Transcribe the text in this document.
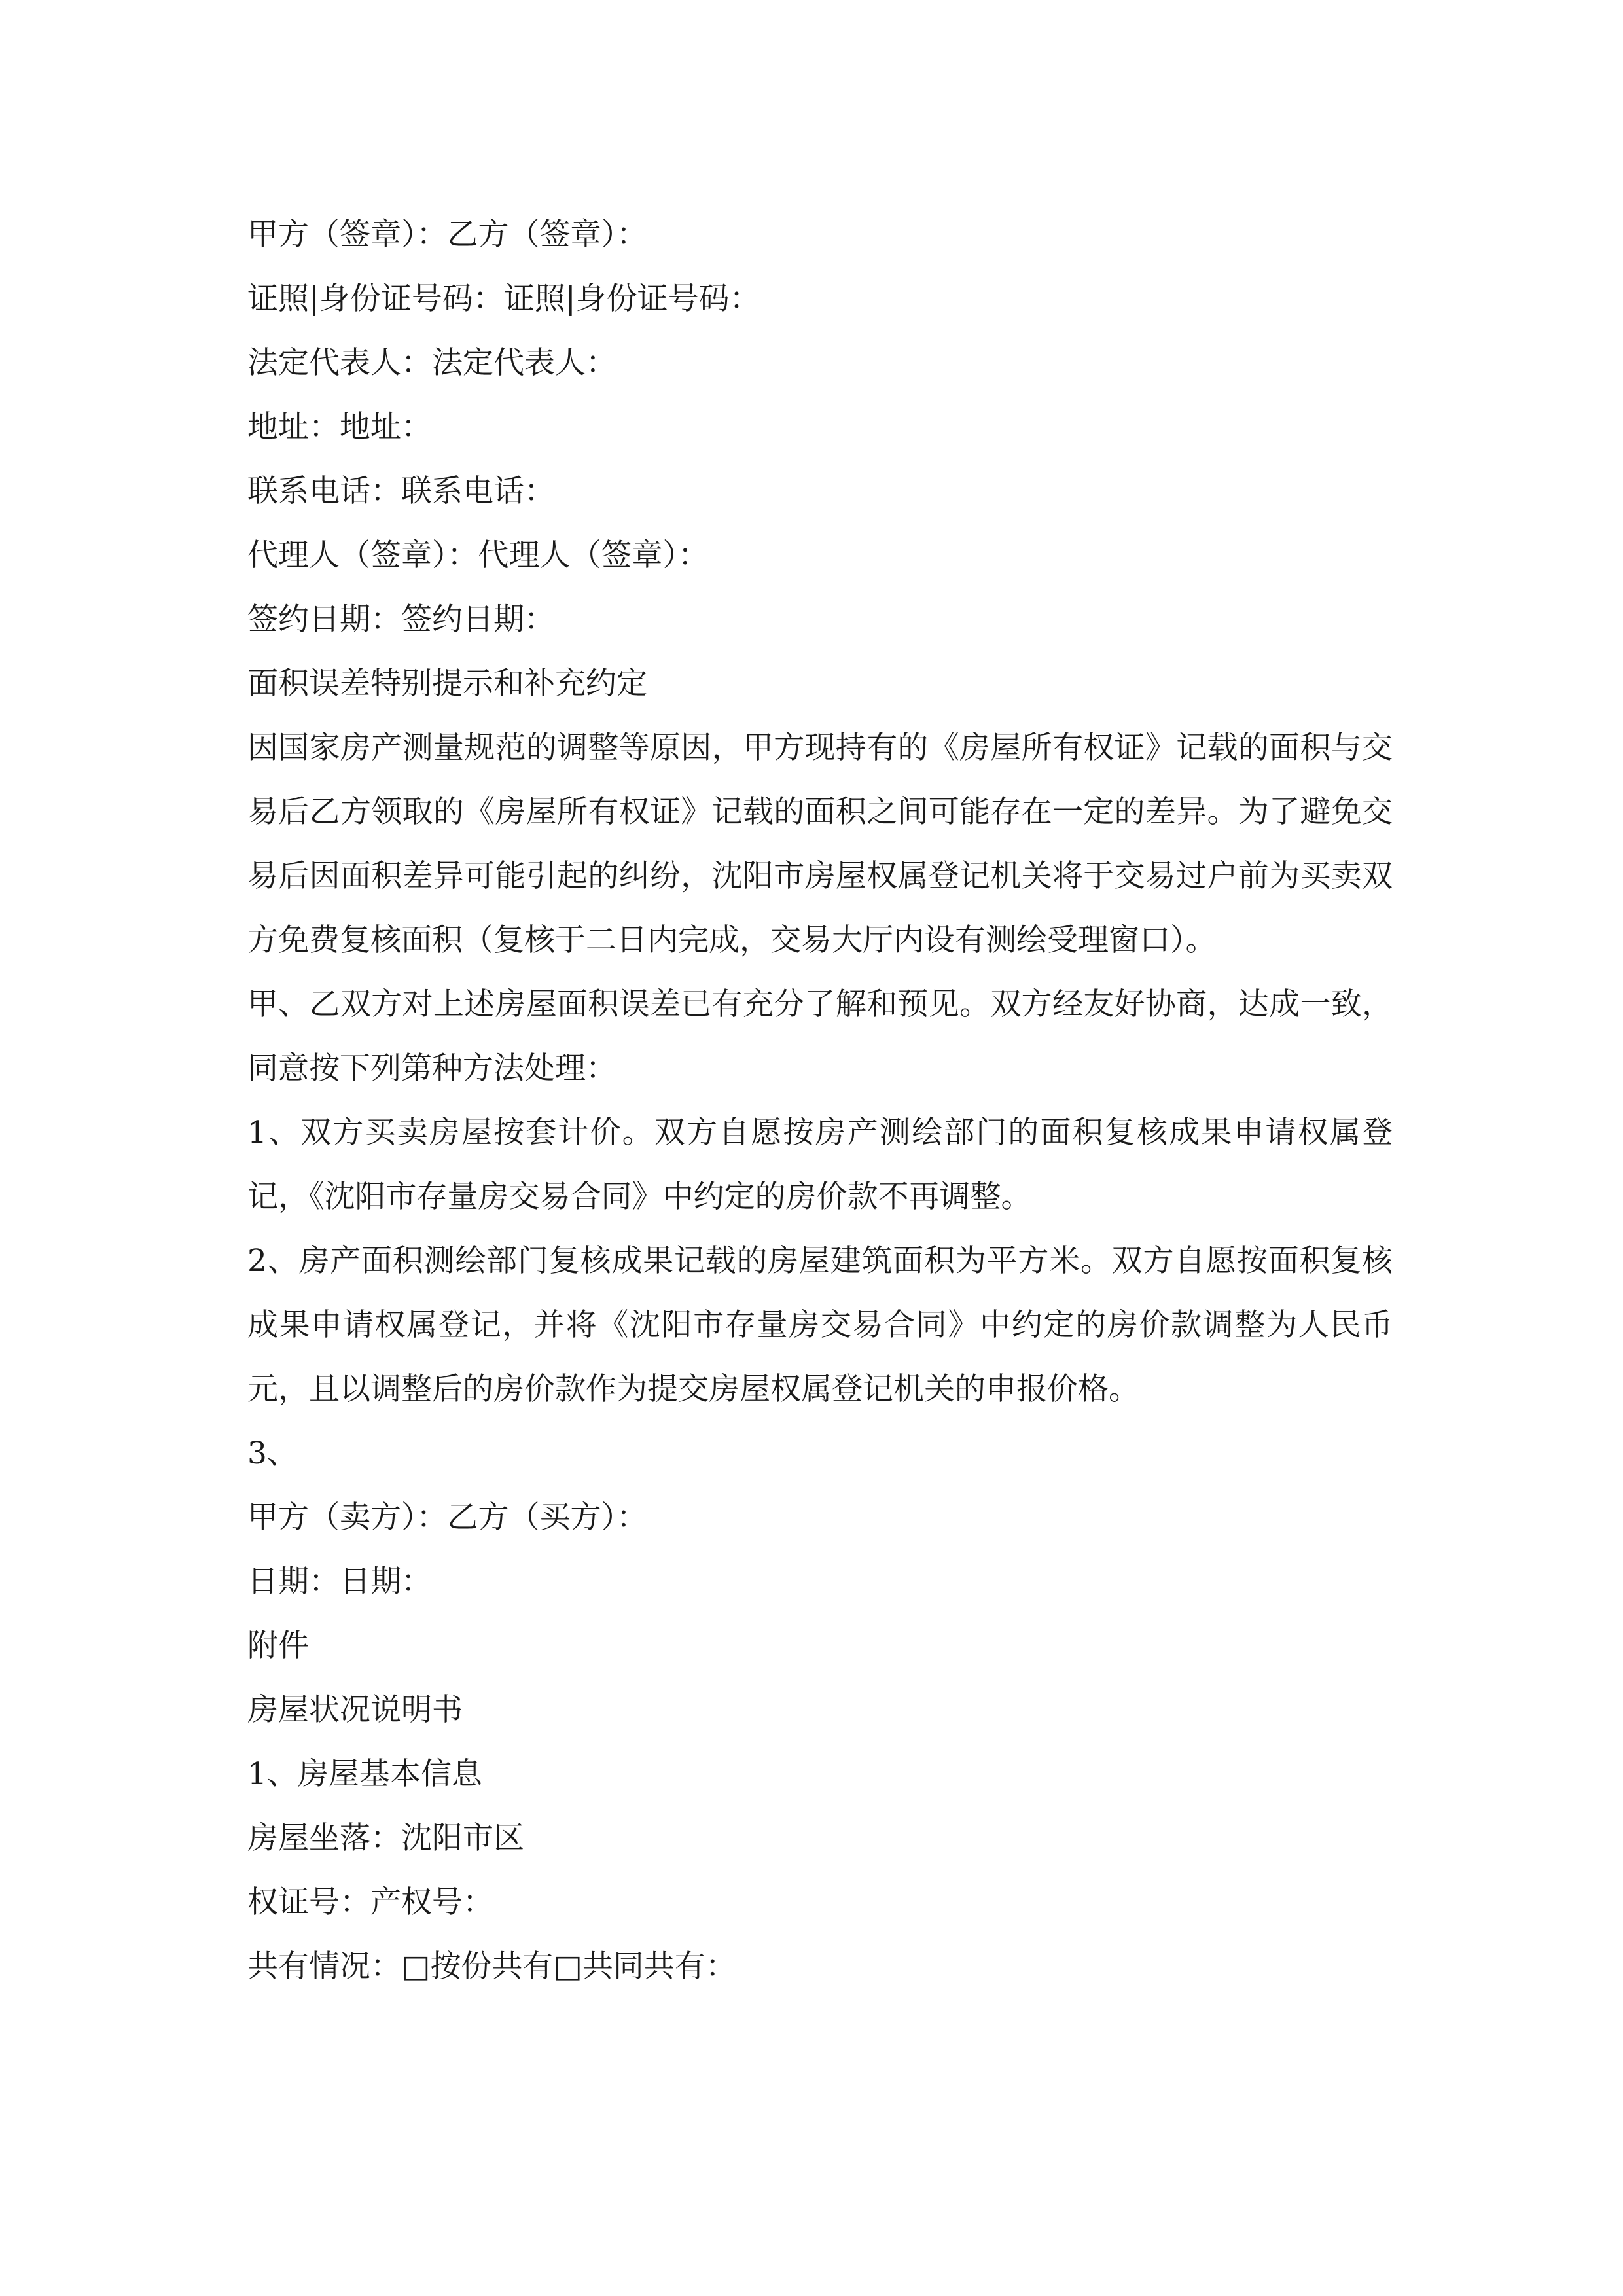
甲方（签章）：乙方（签章）：

证照|身份证号码：证照|身份证号码：

法定代表人：法定代表人：

地址：地址：

联系电话：联系电话：

代理人（签章）：代理人（签章）：

签约日期：签约日期：

面积误差特别提示和补充约定

因国家房产测量规范的调整等原因，甲方现持有的《房屋所有权证》记载的面积与交易后乙方领取的《房屋所有权证》记载的面积之间可能存在一定的差异。为了避免交易后因面积差异可能引起的纠纷，沈阳市房屋权属登记机关将于交易过户前为买卖双方免费复核面积（复核于二日内完成，交易大厅内设有测绘受理窗口）。

甲、乙双方对上述房屋面积误差已有充分了解和预见。双方经友好协商，达成一致，同意按下列第种方法处理：

1、双方买卖房屋按套计价。双方自愿按房产测绘部门的面积复核成果申请权属登记，《沈阳市存量房交易合同》中约定的房价款不再调整。

2、房产面积测绘部门复核成果记载的房屋建筑面积为平方米。双方自愿按面积复核成果申请权属登记，并将《沈阳市存量房交易合同》中约定的房价款调整为人民币元，且以调整后的房价款作为提交房屋权属登记机关的申报价格。

3、

甲方（卖方）：乙方（买方）：

日期：日期：

附件

房屋状况说明书

1、房屋基本信息

房屋坐落：沈阳市区

权证号：产权号：

共有情况：□按份共有□共同共有：
